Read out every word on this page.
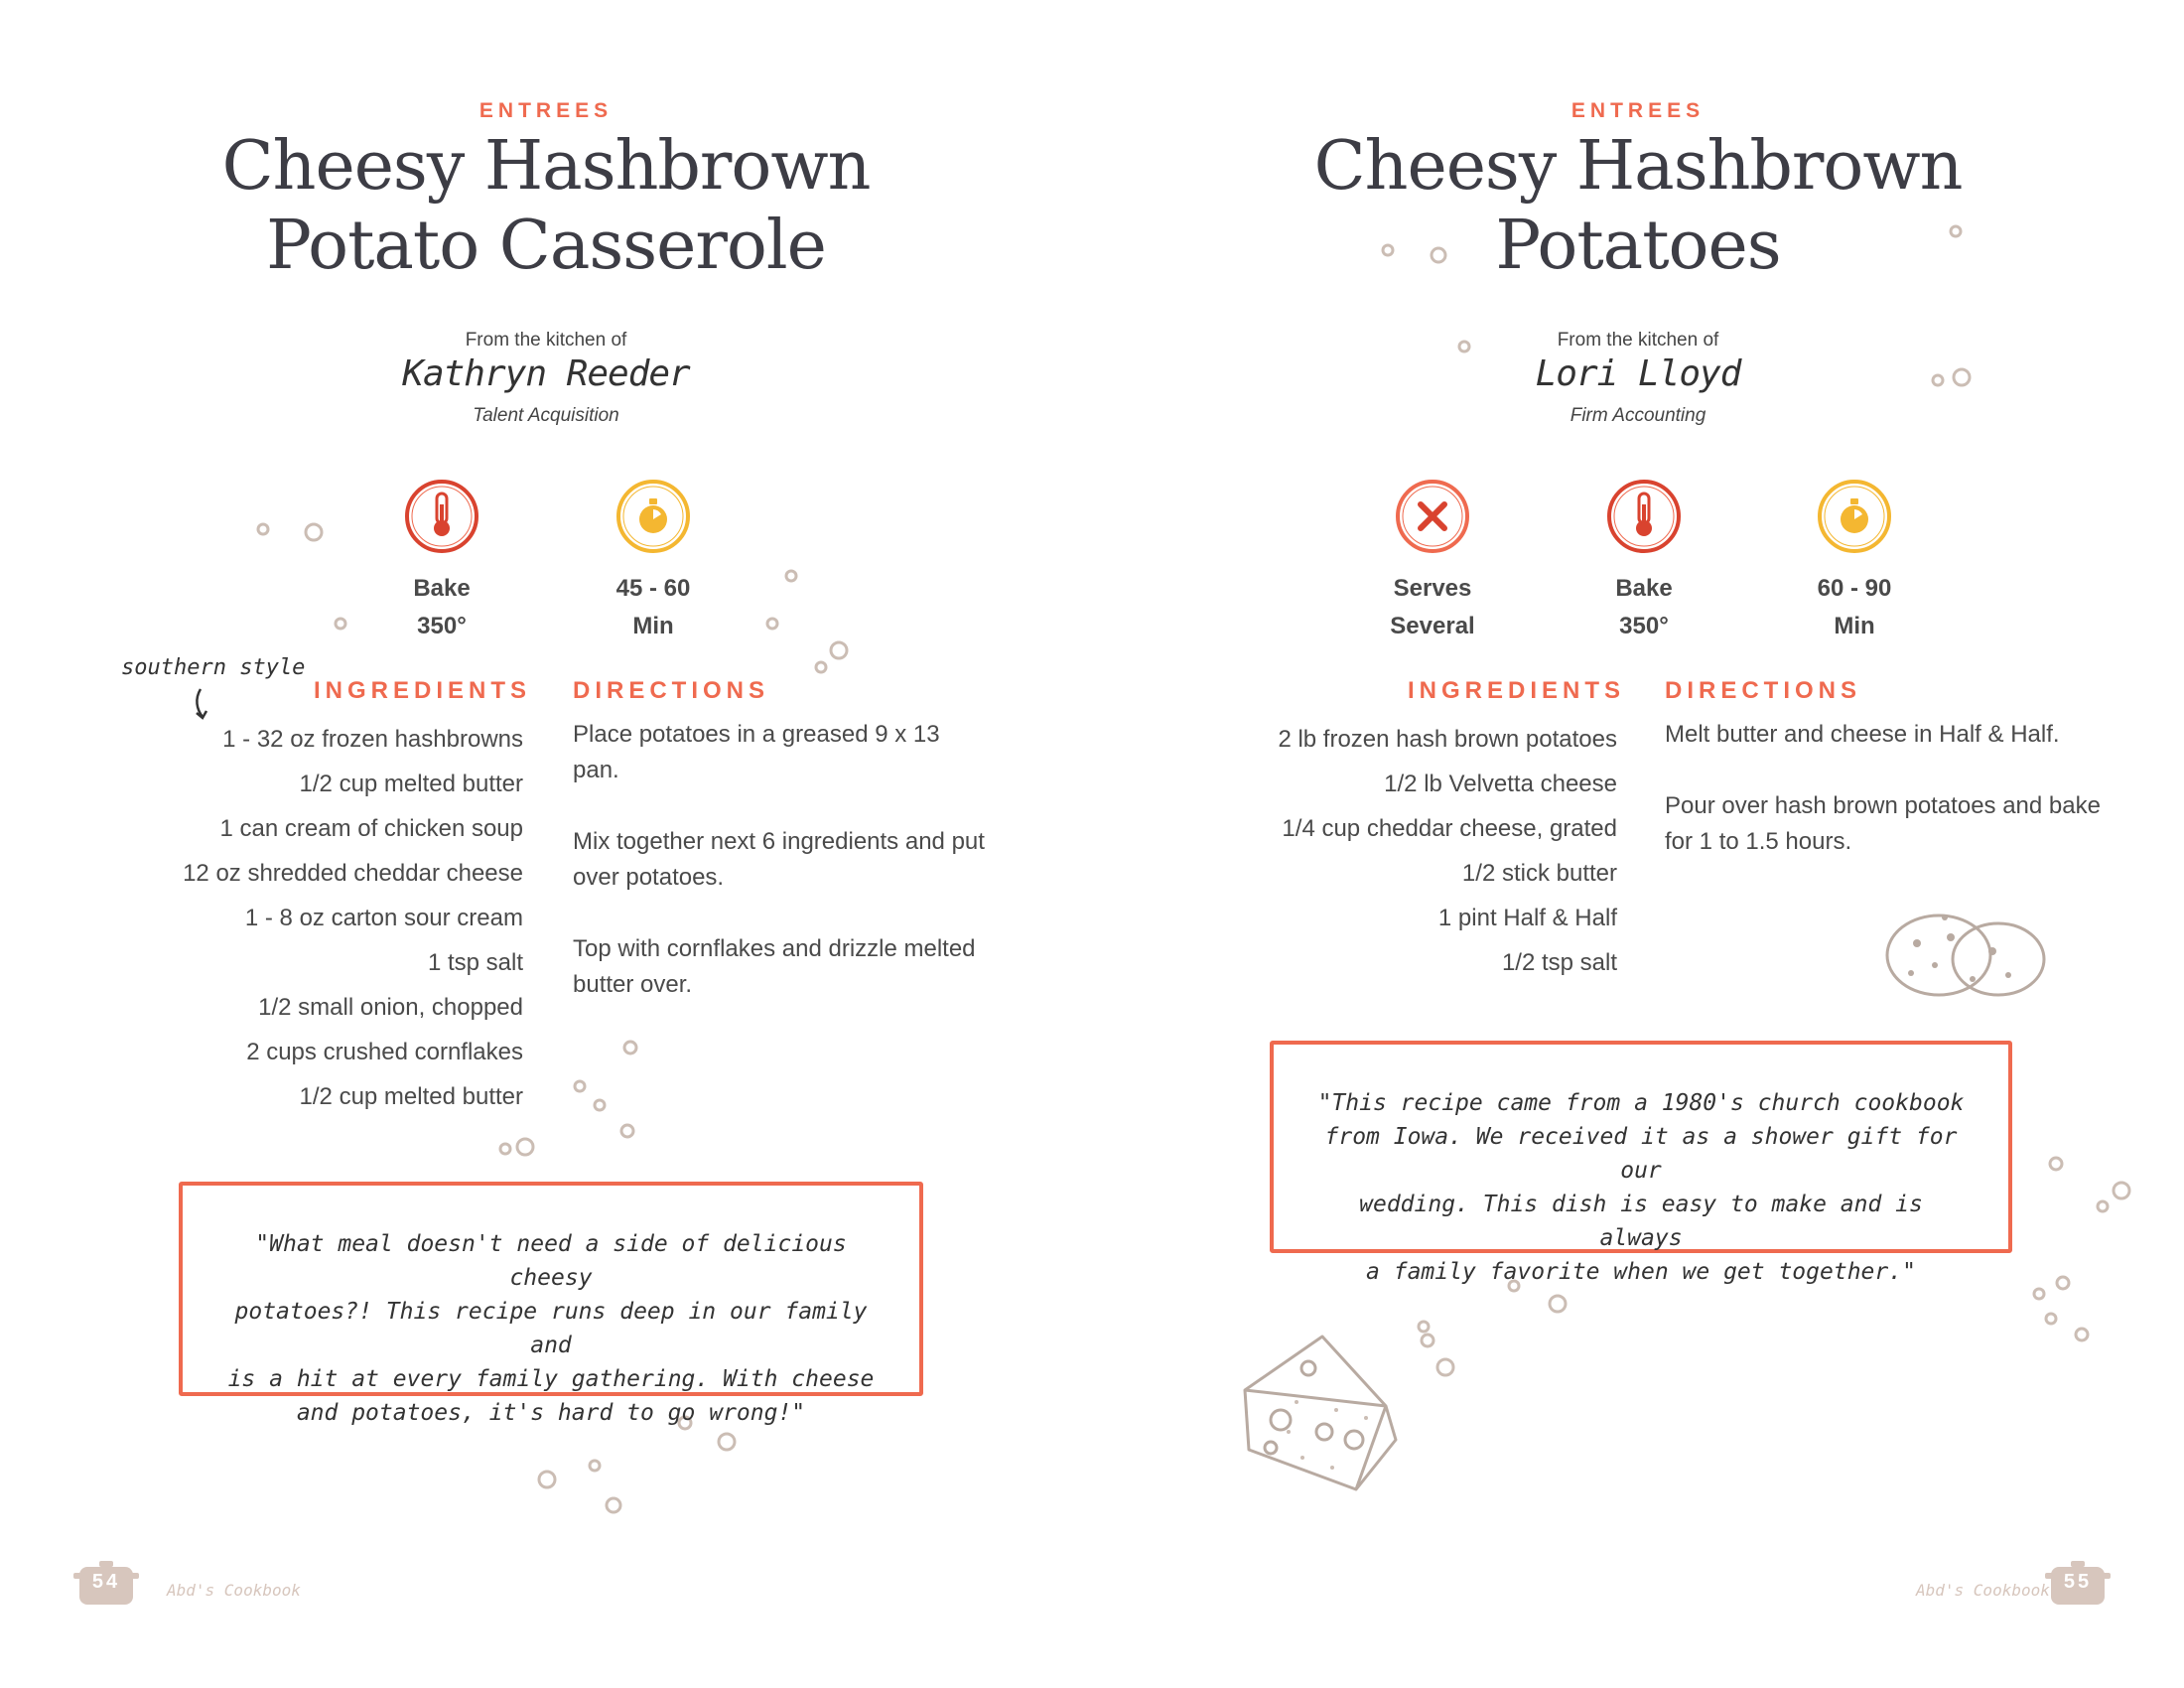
ENTREES
Cheesy Hashbrown
Potato Casserole
From the kitchen of
Kathryn Reeder
Talent Acquisition
Bake
350°
45 - 60
Min
southern style
INGREDIENTS DIRECTIONS
1 - 32 oz frozen hashbrowns
1/2 cup melted butter
1 can cream of chicken soup
12 oz shredded cheddar cheese
1 - 8 oz carton sour cream
1 tsp salt
1/2 small onion, chopped
2 cups crushed cornflakes
1/2 cup melted butter

Place potatoes in a greased 9 x 13 pan.

Mix together next 6 ingredients and put over potatoes.

Top with cornflakes and drizzle melted butter over.

"What meal doesn't need a side of delicious cheesy
potatoes?! This recipe runs deep in our family and
is a hit at every family gathering. With cheese
and potatoes, it's hard to go wrong!"
54	Abd's Cookbook
ENTREES
Cheesy Hashbrown
Potatoes
From the kitchen of
Lori Lloyd
Firm Accounting
Serves
Several
Bake
350°
60 - 90
Min
INGREDIENTS DIRECTIONS
2 lb frozen hash brown potatoes
1/2 lb Velvetta cheese
1/4 cup cheddar cheese, grated
1/2 stick butter
1 pint Half & Half
1/2 tsp salt

Melt butter and cheese in Half & Half.

Pour over hash brown potatoes and bake for 1 to 1.5 hours.

"This recipe came from a 1980's church cookbook
from Iowa. We received it as a shower gift for our
wedding. This dish is easy to make and is always
a family favorite when we get together."
Abd's Cookbook 55
